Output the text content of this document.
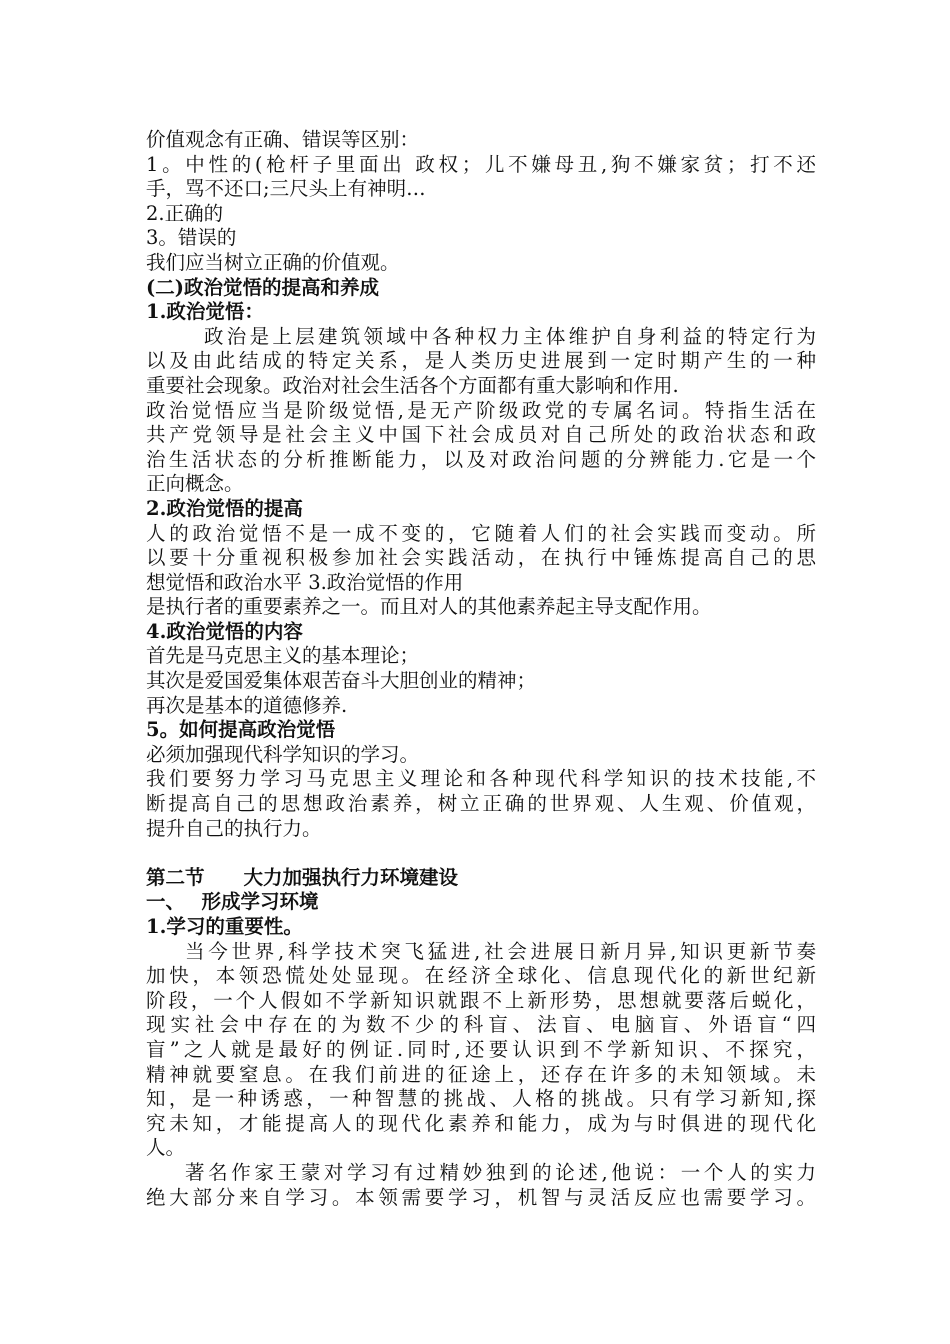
价值观念有正确、错误等区别：
1。中性的(枪杆子里面出 政权；儿不嫌母丑,狗不嫌家贫；打不还
手，骂不还口;三尺头上有神明…
2.正确的
3。错误的
我们应当树立正确的价值观。
(二)政治觉悟的提高和养成
1.政治觉悟：
政治是上层建筑领域中各种权力主体维护自身利益的特定行为
以及由此结成的特定关系，是人类历史进展到一定时期产生的一种
重要社会现象。政治对社会生活各个方面都有重大影响和作用.
政治觉悟应当是阶级觉悟,是无产阶级政党的专属名词。特指生活在
共产党领导是社会主义中国下社会成员对自己所处的政治状态和政
治生活状态的分析推断能力，以及对政治问题的分辨能力.它是一个
正向概念。
2.政治觉悟的提高
人的政治觉悟不是一成不变的，它随着人们的社会实践而变动。所
以要十分重视积极参加社会实践活动，在执行中锤炼提高自己的思
想觉悟和政治水平 3.政治觉悟的作用
是执行者的重要素养之一。而且对人的其他素养起主导支配作用。
4.政治觉悟的内容
首先是马克思主义的基本理论；
其次是爱国爱集体艰苦奋斗大胆创业的精神；
再次是基本的道德修养.
5。如何提高政治觉悟
必须加强现代科学知识的学习。
我们要努力学习马克思主义理论和各种现代科学知识的技术技能,不
断提高自己的思想政治素养，树立正确的世界观、人生观、价值观，
提升自己的执行力。
第二节　　大力加强执行力环境建设
一、　 形成学习环境
1.学习的重要性。
当今世界,科学技术突飞猛进,社会进展日新月异,知识更新节奏
加快，本领恐慌处处显现。在经济全球化、信息现代化的新世纪新
阶段，一个人假如不学新知识就跟不上新形势，思想就要落后蜕化，
现实社会中存在的为数不少的科盲、法盲、电脑盲、外语盲“四
盲”之人就是最好的例证.同时,还要认识到不学新知识、不探究，
精神就要窒息。在我们前进的征途上，还存在许多的未知领域。未
知，是一种诱惑，一种智慧的挑战、人格的挑战。只有学习新知,探
究未知，才能提高人的现代化素养和能力，成为与时俱进的现代化
人。
著名作家王蒙对学习有过精妙独到的论述,他说：一个人的实力
绝大部分来自学习。本领需要学习，机智与灵活反应也需要学习。
